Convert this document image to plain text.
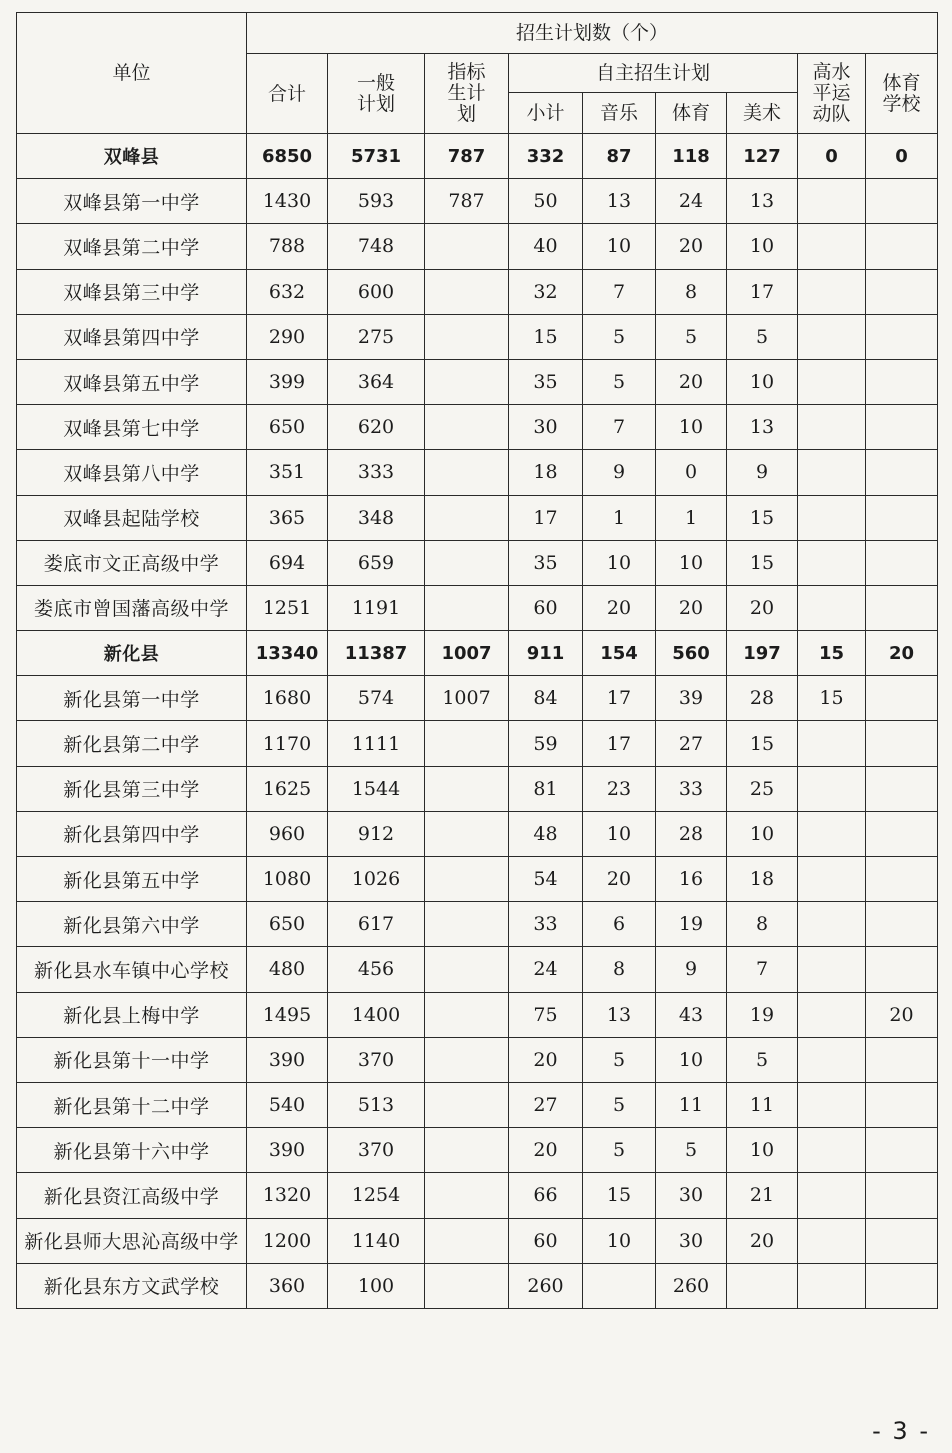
单位	招生计划数（个）								
	合计	一般计划	指标生计划	自主招生计划				高水平运动队	体育学校
				小计	音乐	体育	美术		
双峰县	6850	5731	787	332	87	118	127	0	0
双峰县第一中学	1430	593	787	50	13	24	13		
双峰县第二中学	788	748		40	10	20	10		
双峰县第三中学	632	600		32	7	8	17		
双峰县第四中学	290	275		15	5	5	5		
双峰县第五中学	399	364		35	5	20	10		
双峰县第七中学	650	620		30	7	10	13		
双峰县第八中学	351	333		18	9	0	9		
双峰县起陆学校	365	348		17	1	1	15		
娄底市文正高级中学	694	659		35	10	10	15		
娄底市曾国藩高级中学	1251	1191		60	20	20	20		
新化县	13340	11387	1007	911	154	560	197	15	20
新化县第一中学	1680	574	1007	84	17	39	28	15	
新化县第二中学	1170	1111		59	17	27	15		
新化县第三中学	1625	1544		81	23	33	25		
新化县第四中学	960	912		48	10	28	10		
新化县第五中学	1080	1026		54	20	16	18		
新化县第六中学	650	617		33	6	19	8		
新化县水车镇中心学校	480	456		24	8	9	7		
新化县上梅中学	1495	1400		75	13	43	19		20
新化县第十一中学	390	370		20	5	10	5		
新化县第十二中学	540	513		27	5	11	11		
新化县第十六中学	390	370		20	5	5	10		
新化县资江高级中学	1320	1254		66	15	30	21		
新化县师大思沁高级中学	1200	1140		60	10	30	20		
新化县东方文武学校	360	100		260		260			
- 3 -
